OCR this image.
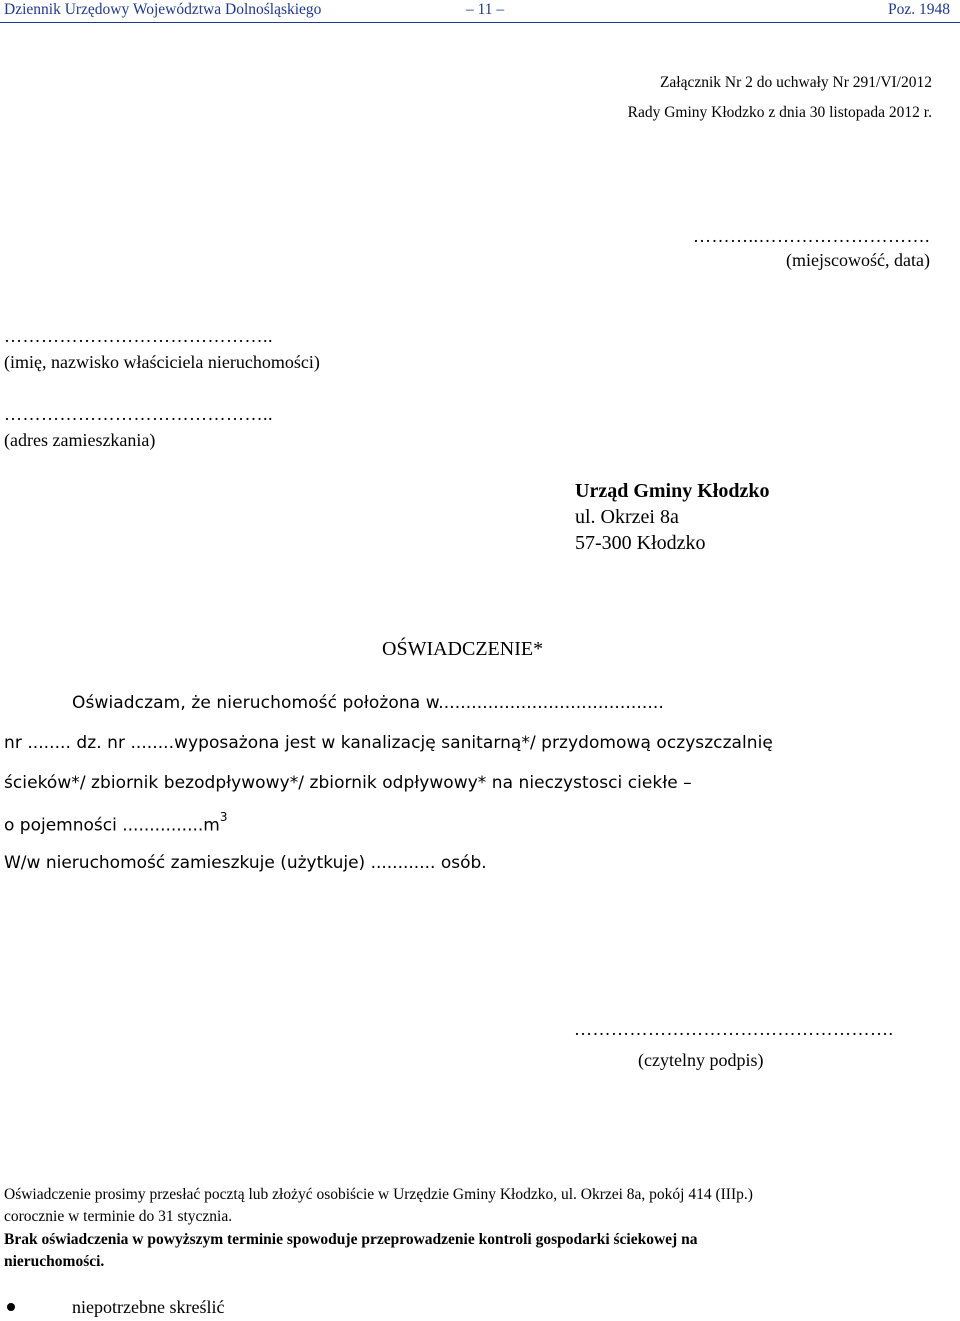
Dziennik Urzędowy Województwa Dolnośląskiego	– 11 –	Poz. 1948
Załącznik Nr 2 do uchwały Nr 291/VI/2012
Rady Gminy Kłodzko z dnia 30 listopada 2012 r.
………..……………………….
(miejscowość, data)
……………………………………..
(imię, nazwisko właściciela nieruchomości)
……………………………………..
(adres zamieszkania)
Urząd Gminy Kłodzko
ul. Okrzei 8a
57-300 Kłodzko
OŚWIADCZENIE*
Oświadczam, że nieruchomość położona w.........................................
nr ........ dz. nr ........wyposażona jest w kanalizację sanitarną*/ przydomową oczyszczalnię
ścieków*/ zbiornik bezodpływowy*/ zbiornik odpływowy* na nieczystosci ciekłe –
o pojemności $...............m^3$
W/w nieruchomość zamieszkuje (użytkuje) ............ osób.
…………………………………………….
(czytelny podpis)
Oświadczenie prosimy przesłać pocztą lub złożyć osobiście w Urzędzie Gminy Kłodzko, ul. Okrzei 8a, pokój 414 (IIIp.)
corocznie w terminie do 31 stycznia.
Brak oświadczenia w powyższym terminie spowoduje przeprowadzenie kontroli gospodarki ściekowej na
nieruchomości.
niepotrzebne skreślić
